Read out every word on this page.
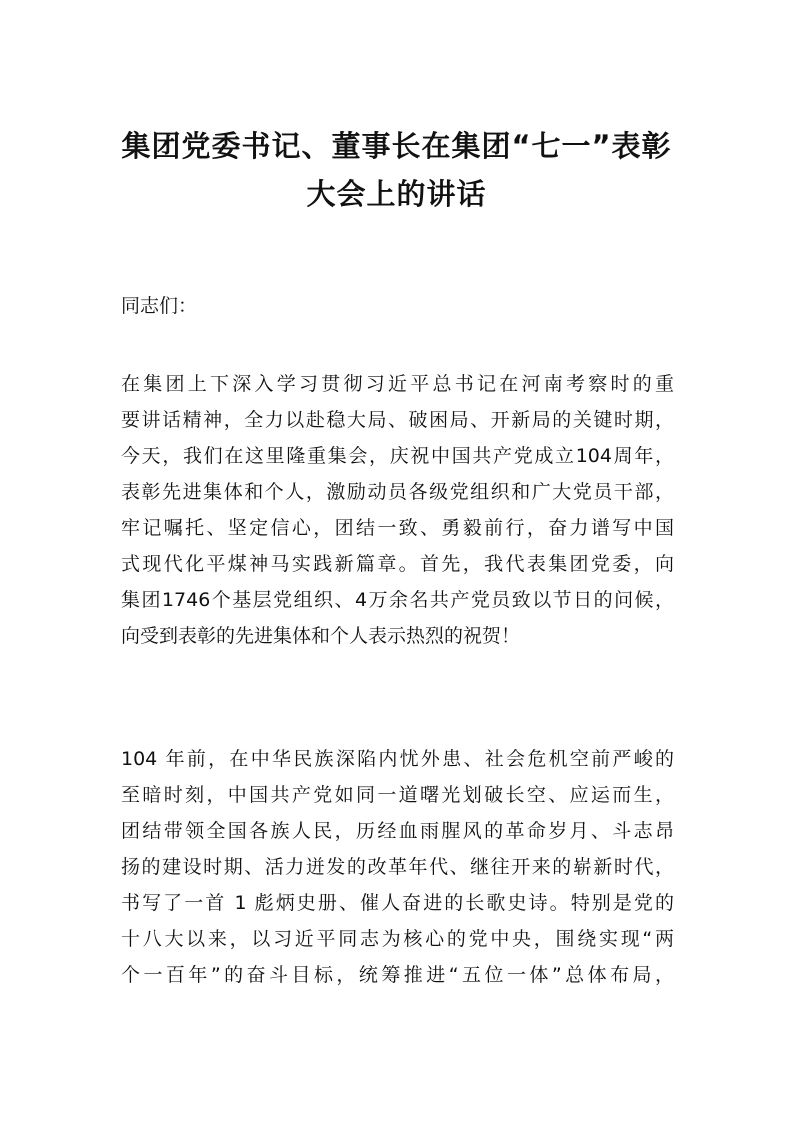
集团党委书记、董事长在集团“七一”表彰
大会上的讲话
同志们：
在集团上下深入学习贯彻习近平总书记在河南考察时的重
要讲话精神，全力以赴稳大局、破困局、开新局的关键时期，
今天，我们在这里隆重集会，庆祝中国共产党成立104周年，
表彰先进集体和个人，激励动员各级党组织和广大党员干部，
牢记嘱托、坚定信心，团结一致、勇毅前行，奋力谱写中国
式现代化平煤神马实践新篇章。首先，我代表集团党委，向
集团1746个基层党组织、4万余名共产党员致以节日的问候，
向受到表彰的先进集体和个人表示热烈的祝贺！
104 年前，在中华民族深陷内忧外患、社会危机空前严峻的
至暗时刻，中国共产党如同一道曙光划破长空、应运而生，
团结带领全国各族人民，历经血雨腥风的革命岁月、斗志昂
扬的建设时期、活力迸发的改革年代、继往开来的崭新时代，
书写了一首 1 彪炳史册、催人奋进的长歌史诗。特别是党的
十八大以来，以习近平同志为核心的党中央，围绕实现“两
个一百年”的奋斗目标，统筹推进“五位一体”总体布局，
